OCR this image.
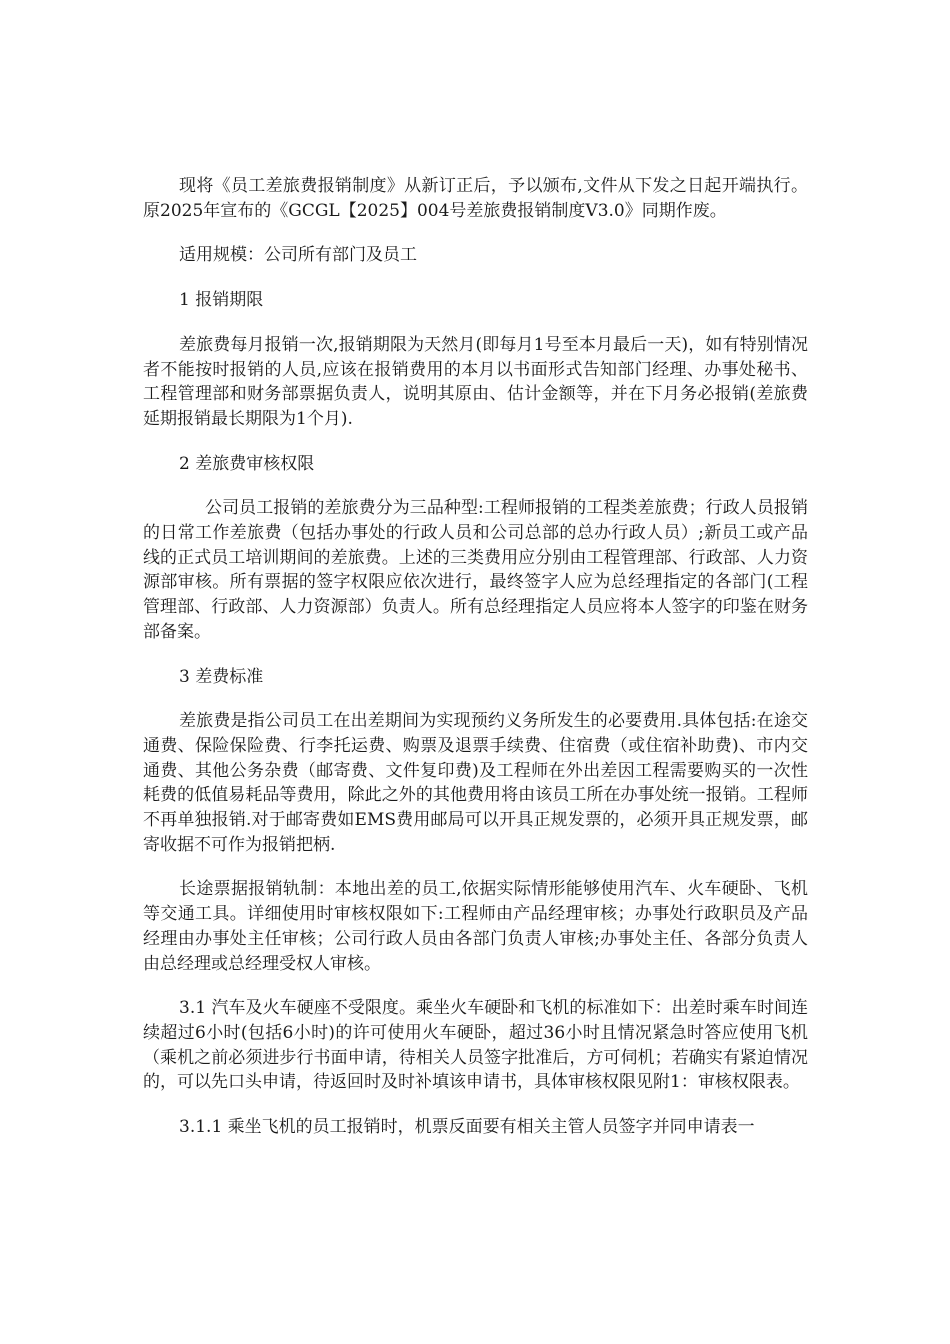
现将《员工差旅费报销制度》从新订正后，予以颁布,文件从下发之日起开端执行。原2025年宣布的《GCGL【2025】004号差旅费报销制度V3.0》同期作废。

适用规模：公司所有部门及员工

1 报销期限

差旅费每月报销一次,报销期限为天然月(即每月1号至本月最后一天)，如有特别情况者不能按时报销的人员,应该在报销费用的本月以书面形式告知部门经理、办事处秘书、工程管理部和财务部票据负责人，说明其原由、估计金额等，并在下月务必报销(差旅费延期报销最长期限为1个月).

2 差旅费审核权限

公司员工报销的差旅费分为三品种型:工程师报销的工程类差旅费；行政人员报销的日常工作差旅费（包括办事处的行政人员和公司总部的总办行政人员）;新员工或产品线的正式员工培训期间的差旅费。上述的三类费用应分别由工程管理部、行政部、人力资源部审核。所有票据的签字权限应依次进行，最终签字人应为总经理指定的各部门(工程管理部、行政部、人力资源部）负责人。所有总经理指定人员应将本人签字的印鉴在财务部备案。

3 差费标准

差旅费是指公司员工在出差期间为实现预约义务所发生的必要费用.具体包括:在途交通费、保险保险费、行李托运费、购票及退票手续费、住宿费（或住宿补助费)、市内交通费、其他公务杂费（邮寄费、文件复印费)及工程师在外出差因工程需要购买的一次性耗费的低值易耗品等费用，除此之外的其他费用将由该员工所在办事处统一报销。工程师不再单独报销.对于邮寄费如EMS费用邮局可以开具正规发票的，必须开具正规发票，邮寄收据不可作为报销把柄.

长途票据报销轨制：本地出差的员工,依据实际情形能够使用汽车、火车硬卧、飞机等交通工具。详细使用时审核权限如下:工程师由产品经理审核；办事处行政职员及产品经理由办事处主任审核；公司行政人员由各部门负责人审核;办事处主任、各部分负责人由总经理或总经理受权人审核。

3.1 汽车及火车硬座不受限度。乘坐火车硬卧和飞机的标准如下：出差时乘车时间连续超过6小时(包括6小时)的许可使用火车硬卧，超过36小时且情况紧急时答应使用飞机（乘机之前必须进步行书面申请，待相关人员签字批准后，方可伺机；若确实有紧迫情况的，可以先口头申请，待返回时及时补填该申请书，具体审核权限见附1：审核权限表。

3.1.1 乘坐飞机的员工报销时，机票反面要有相关主管人员签字并同申请表一
